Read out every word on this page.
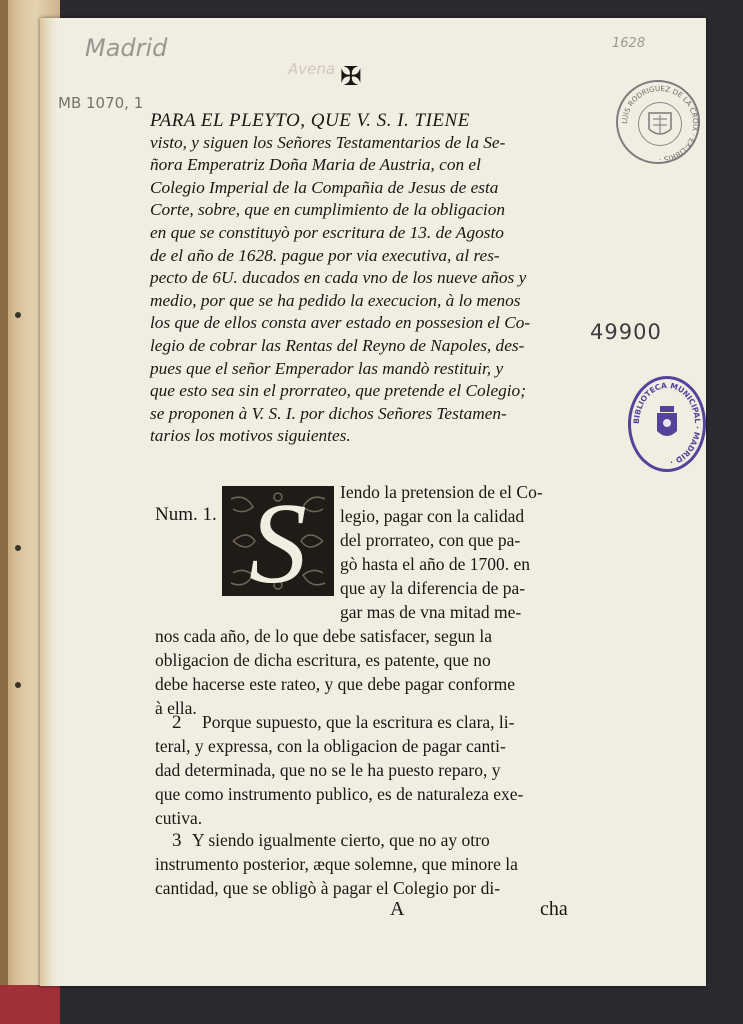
Madrid
Avena
MB 1070, 1
1628
49900
LUIS RODRIGUEZ DE LA CROIX · EX-LIBRIS ·
BIBLIOTECA MUNICIPAL · MADRID ·
✠
PARA EL PLEYTO, QUE V. S. I. TIENE
visto, y siguen los Señores Testamentarios de la Se-
ñora Emperatriz Doña Maria de Austria, con el
Colegio Imperial de la Compañia de Jesus de esta
Corte, sobre, que en cumplimiento de la obligacion
en que se constituyò por escritura de 13. de Agosto
de el año de 1628. pague por via executiva, al res-
pecto de 6U. ducados en cada vno de los nueve años y
medio, por que se ha pedido la execucion, à lo menos
los que de ellos consta aver estado en possesion el Co-
legio de cobrar las Rentas del Reyno de Napoles, des-
pues que el señor Emperador las mandò restituir, y
que esto sea sin el prorrateo, que pretende el Colegio;
se proponen à V. S. I. por dichos Señores Testamen-
tarios los motivos siguientes.
Num. 1. S	Iendo la pretension de el Co-
legio, pagar con la calidad
del prorrateo, con que pa-
gò hasta el año de 1700. en
que ay la diferencia de pa-
gar mas de vna mitad me-
nos cada año, de lo que debe satisfacer, segun la
obligacion de dicha escritura, es patente, que no
debe hacerse este rateo, y que debe pagar conforme
à ella.
2 Porque supuesto, que la escritura es clara, li-
teral, y expressa, con la obligacion de pagar canti-
dad determinada, que no se le ha puesto reparo, y
que como instrumento publico, es de naturaleza exe-
cutiva.
3 Y siendo igualmente cierto, que no ay otro
instrumento posterior, æque solemne, que minore la
cantidad, que se obligò à pagar el Colegio por di-
A	cha
